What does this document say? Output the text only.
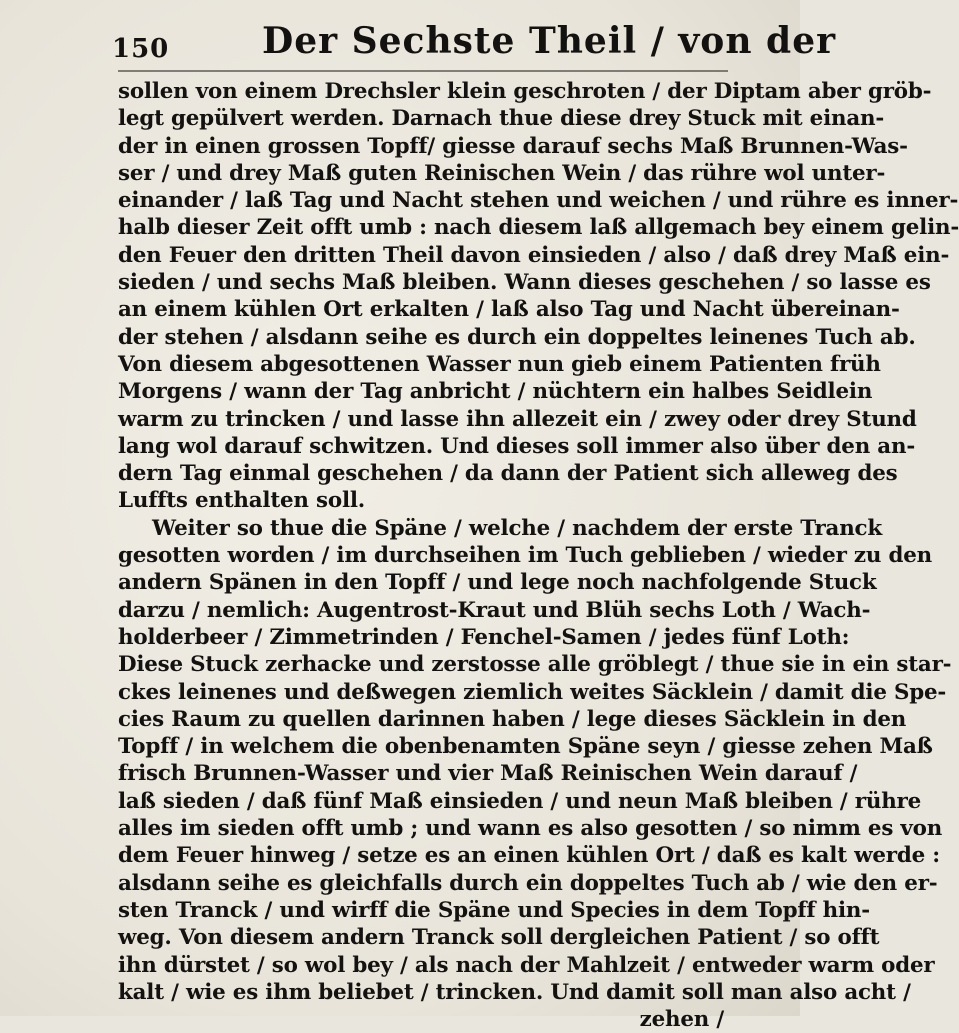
150	Der Sechste Theil / von der
sollen von einem Drechsler klein geschroten / der Diptam aber gröb-
legt gepülvert werden. Darnach thue diese drey Stuck mit einan-
der in einen grossen Topff/ giesse darauf sechs Maß Brunnen-Was-
ser / und drey Maß guten Reinischen Wein / das rühre wol unter-
einander / laß Tag und Nacht stehen und weichen / und rühre es inner-
halb dieser Zeit offt umb : nach diesem laß allgemach bey einem gelin-
den Feuer den dritten Theil davon einsieden / also / daß drey Maß ein-
sieden / und sechs Maß bleiben. Wann dieses geschehen / so lasse es
an einem kühlen Ort erkalten / laß also Tag und Nacht übereinan-
der stehen / alsdann seihe es durch ein doppeltes leinenes Tuch ab.
Von diesem abgesottenen Wasser nun gieb einem Patienten früh
Morgens / wann der Tag anbricht / nüchtern ein halbes Seidlein
warm zu trincken / und lasse ihn allezeit ein / zwey oder drey Stund
lang wol darauf schwitzen. Und dieses soll immer also über den an-
dern Tag einmal geschehen / da dann der Patient sich alleweg des
Luffts enthalten soll.
Weiter so thue die Späne / welche / nachdem der erste Tranck
gesotten worden / im durchseihen im Tuch geblieben / wieder zu den
andern Spänen in den Topff / und lege noch nachfolgende Stuck
darzu / nemlich: Augentrost-Kraut und Blüh sechs Loth / Wach-
holderbeer / Zimmetrinden / Fenchel-Samen / jedes fünf Loth:
Diese Stuck zerhacke und zerstosse alle gröblegt / thue sie in ein star-
ckes leinenes und deßwegen ziemlich weites Säcklein / damit die Spe-
cies Raum zu quellen darinnen haben / lege dieses Säcklein in den
Topff / in welchem die obenbenamten Späne seyn / giesse zehen Maß
frisch Brunnen-Wasser und vier Maß Reinischen Wein darauf /
laß sieden / daß fünf Maß einsieden / und neun Maß bleiben / rühre
alles im sieden offt umb ; und wann es also gesotten / so nimm es von
dem Feuer hinweg / setze es an einen kühlen Ort / daß es kalt werde :
alsdann seihe es gleichfalls durch ein doppeltes Tuch ab / wie den er-
sten Tranck / und wirff die Späne und Species in dem Topff hin-
weg. Von diesem andern Tranck soll dergleichen Patient / so offt
ihn dürstet / so wol bey / als nach der Mahlzeit / entweder warm oder
kalt / wie es ihm beliebet / trincken. Und damit soll man also acht /
zehen /
